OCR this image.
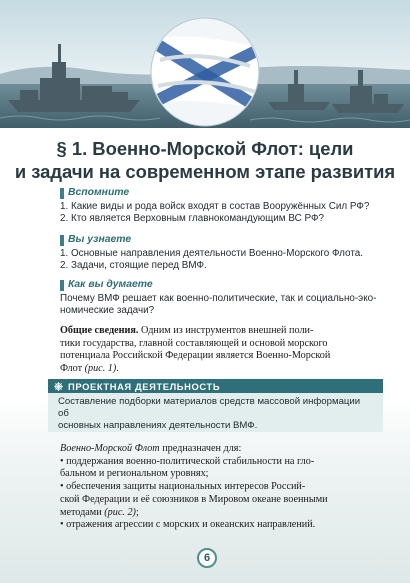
§ 1. Военно-Морской Флот: цели
и задачи на современном этапе развития
Вспомните
1. Какие виды и рода войск входят в состав Вооружённых Сил РФ?
2. Кто является Верховным главнокомандующим ВС РФ?
Вы узнаете
1. Основные направления деятельности Военно-Морского Флота.
2. Задачи, стоящие перед ВМФ.
Как вы думаете
Почему ВМФ решает как военно-политические, так и социально-эко-
номические задачи?
Общие сведения. Одним из инструментов внешней поли-
тики государства, главной составляющей и основой морского
потенциала Российской Федерации является Военно-Морской
Флот (рис. 1).
ПРОЕКТНАЯ ДЕЯТЕЛЬНОСТЬ
Составление подборки материалов средств массовой информации об
основных направлениях деятельности ВМФ.
Военно-Морской Флот предназначен для:
• поддержания военно-политической стабильности на гло-
бальном и региональном уровнях;
• обеспечения защиты национальных интересов Россий-
ской Федерации и её союзников в Мировом океане военными
методами (рис. 2);
• отражения агрессии с морских и океанских направлений.
6
